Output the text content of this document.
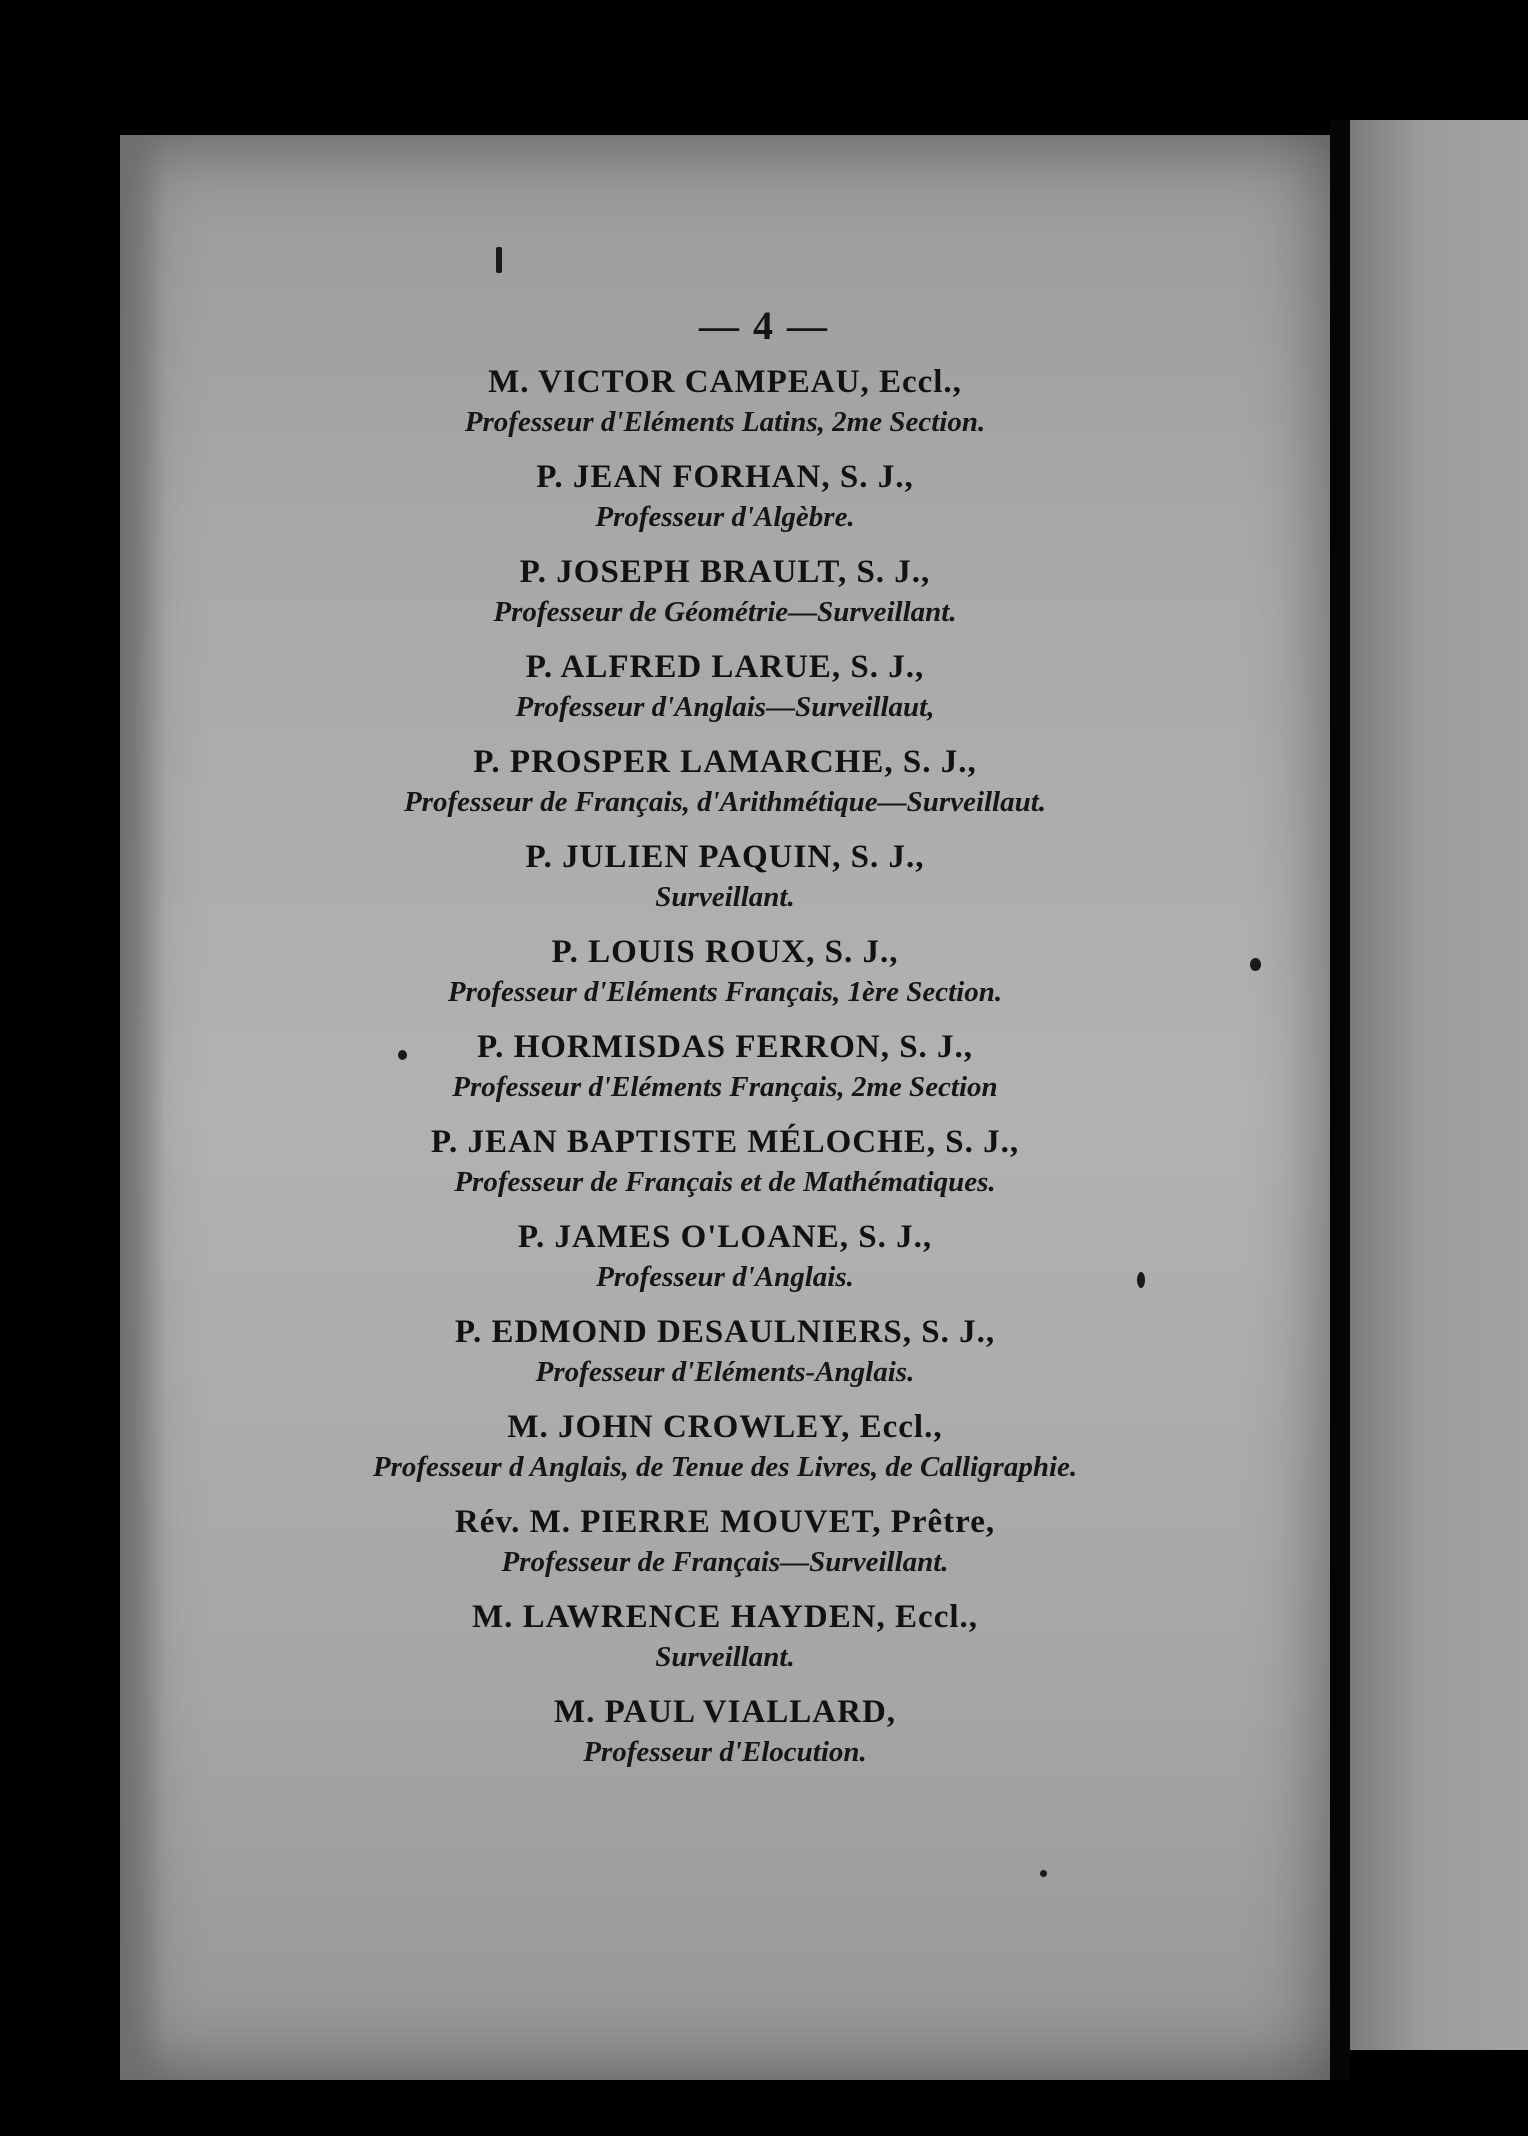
— 4 —
M. VICTOR CAMPEAU, Eccl.,
Professeur d'Eléments Latins, 2me Section.
P. JEAN FORHAN, S. J.,
Professeur d'Algèbre.
P. JOSEPH BRAULT, S. J.,
Professeur de Géométrie—Surveillant.
P. ALFRED LARUE, S. J.,
Professeur d'Anglais—Surveillaut,
P. PROSPER LAMARCHE, S. J.,
Professeur de Français, d'Arithmétique—Surveillaut.
P. JULIEN PAQUIN, S. J.,
Surveillant.
P. LOUIS ROUX, S. J.,
Professeur d'Eléments Français, 1ère Section.
P. HORMISDAS FERRON, S. J.,
Professeur d'Eléments Français, 2me Section
P. JEAN BAPTISTE MÉLOCHE, S. J.,
Professeur de Français et de Mathématiques.
P. JAMES O'LOANE, S. J.,
Professeur d'Anglais.
P. EDMOND DESAULNIERS, S. J.,
Professeur d'Eléments-Anglais.
M. JOHN CROWLEY, Eccl.,
Professeur d Anglais, de Tenue des Livres, de Calligraphie.
Rév. M. PIERRE MOUVET, Prêtre,
Professeur de Français—Surveillant.
M. LAWRENCE HAYDEN, Eccl.,
Surveillant.
M. PAUL VIALLARD,
Professeur d'Elocution.
